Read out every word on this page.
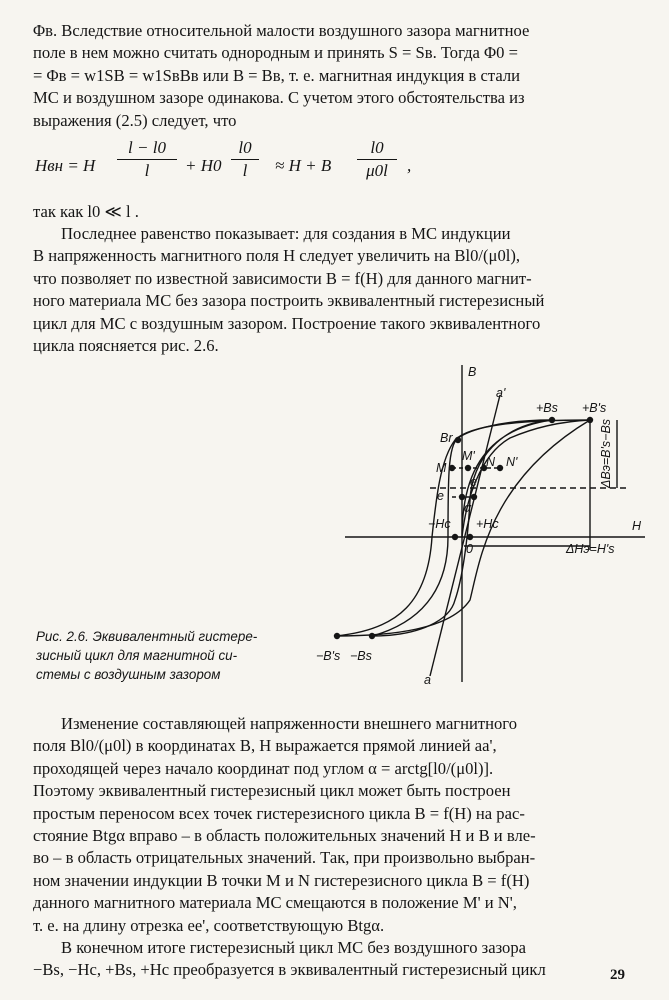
Φв. Вследствие относительной малости воздушного зазора магнитное
поле в нем можно считать однородным и принять S = Sв. Тогда Φ0 =
= Φв = w1SB = w1SвBв или B = Bв, т. е. магнитная индукция в стали
МС и воздушном зазоре одинакова. С учетом этого обстоятельства из
выражения (2.5) следует, что
Hвн = H $\frac{l - l0}{l} + H0 \frac{l0}{l} \approx H + B \frac{l0}{\mu 0l}$ ,
так как l0 ≪ l .
Последнее равенство показывает: для создания в МС индукции
B напряженность магнитного поля H следует увеличить на Bl0/(μ0l),
что позволяет по известной зависимости B = f(H) для данного магнит-
ного материала МС без зазора построить эквивалентный гистерезисный
цикл для МС с воздушным зазором. Построение такого эквивалентного
цикла поясняется рис. 2.6.
B
H
a'
a
+Bs +B's
Br
M
M' N N'
e
e'
α
−Hc +Hc
0	ΔHэ=H's
ΔBэ=B's−Bs
−B's −Bs
Рис. 2.6. Эквивалентный гистере-
зисный цикл для магнитной си-
стемы с воздушным зазором
Изменение составляющей напряженности внешнего магнитного
поля Bl0/(μ0l) в координатах B, H выражается прямой линией aa',
проходящей через начало координат под углом α = arctg[l0/(μ0l)].
Поэтому эквивалентный гистерезисный цикл может быть построен
простым переносом всех точек гистерезисного цикла B = f(H) на рас-
стояние Btgα вправо – в область положительных значений H и B и вле-
во – в область отрицательных значений. Так, при произвольно выбран-
ном значении индукции B точки M и N гистерезисного цикла B = f(H)
данного магнитного материала МС смещаются в положение M' и N',
т. е. на длину отрезка ee', соответствующую Btgα.
В конечном итоге гистерезисный цикл МС без воздушного зазора
−Bs, −Hc, +Bs, +Hc преобразуется в эквивалентный гистерезисный цикл	29
